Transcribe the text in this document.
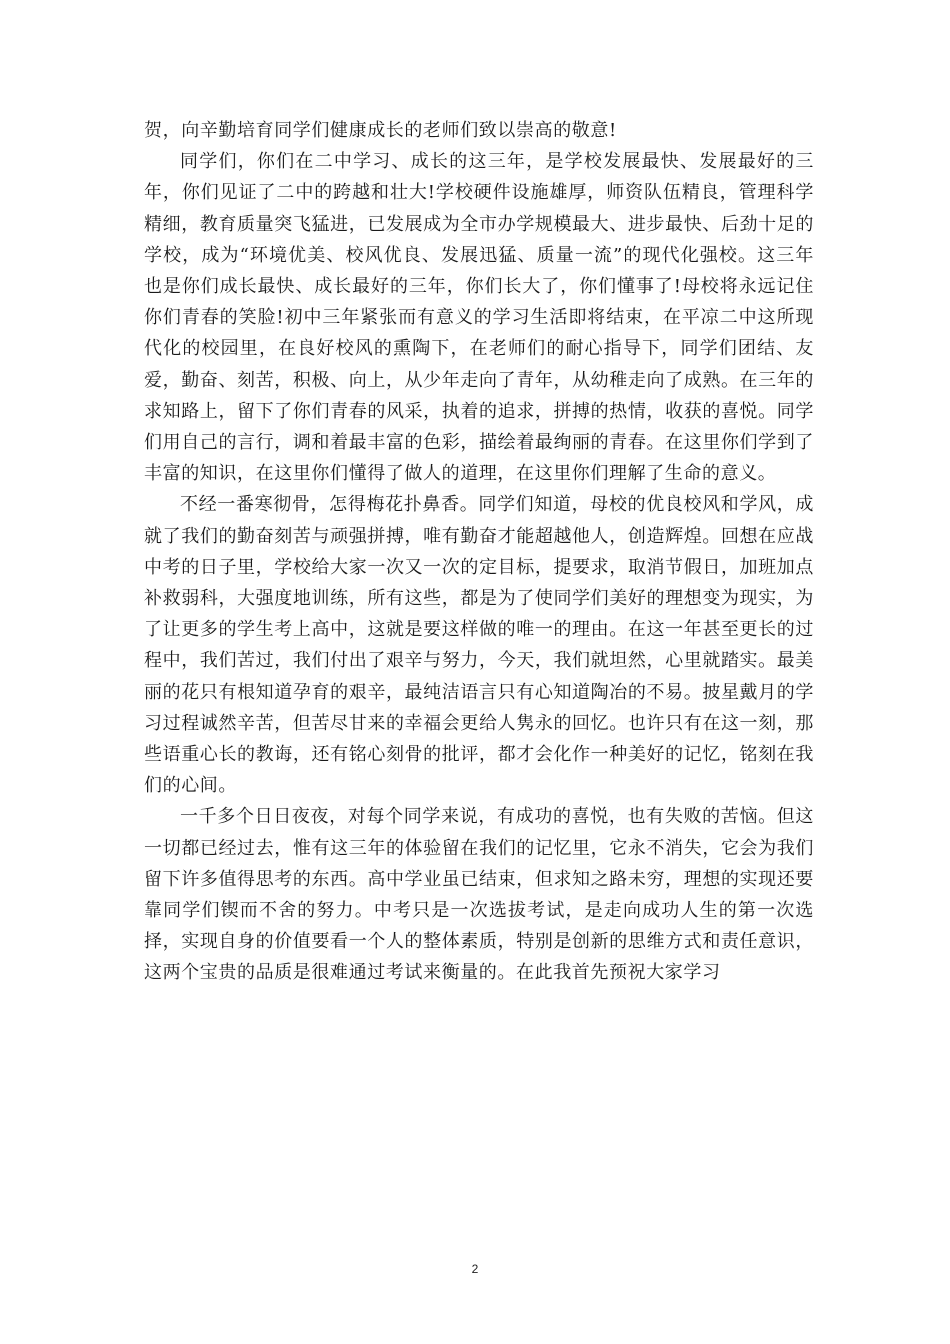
贺，向辛勤培育同学们健康成长的老师们致以崇高的敬意!

同学们，你们在二中学习、成长的这三年，是学校发展最快、发展最好的三年，你们见证了二中的跨越和壮大!学校硬件设施雄厚，师资队伍精良，管理科学精细，教育质量突飞猛进，已发展成为全市办学规模最大、进步最快、后劲十足的学校，成为“环境优美、校风优良、发展迅猛、质量一流”的现代化强校。这三年也是你们成长最快、成长最好的三年，你们长大了，你们懂事了!母校将永远记住你们青春的笑脸!初中三年紧张而有意义的学习生活即将结束，在平凉二中这所现代化的校园里，在良好校风的熏陶下，在老师们的耐心指导下，同学们团结、友爱，勤奋、刻苦，积极、向上，从少年走向了青年，从幼稚走向了成熟。在三年的求知路上，留下了你们青春的风采，执着的追求，拼搏的热情，收获的喜悦。同学们用自己的言行，调和着最丰富的色彩，描绘着最绚丽的青春。在这里你们学到了丰富的知识，在这里你们懂得了做人的道理，在这里你们理解了生命的意义。

不经一番寒彻骨，怎得梅花扑鼻香。同学们知道，母校的优良校风和学风，成就了我们的勤奋刻苦与顽强拼搏，唯有勤奋才能超越他人，创造辉煌。回想在应战中考的日子里，学校给大家一次又一次的定目标，提要求，取消节假日，加班加点补救弱科，大强度地训练，所有这些，都是为了使同学们美好的理想变为现实，为了让更多的学生考上高中，这就是要这样做的唯一的理由。在这一年甚至更长的过程中，我们苦过，我们付出了艰辛与努力，今天，我们就坦然，心里就踏实。最美丽的花只有根知道孕育的艰辛，最纯洁语言只有心知道陶冶的不易。披星戴月的学习过程诚然辛苦，但苦尽甘来的幸福会更给人隽永的回忆。也许只有在这一刻，那些语重心长的教诲，还有铭心刻骨的批评，都才会化作一种美好的记忆，铭刻在我们的心间。

一千多个日日夜夜，对每个同学来说，有成功的喜悦，也有失败的苦恼。但这一切都已经过去，惟有这三年的体验留在我们的记忆里，它永不消失，它会为我们留下许多值得思考的东西。高中学业虽已结束，但求知之路未穷，理想的实现还要靠同学们锲而不舍的努力。中考只是一次选拔考试，是走向成功人生的第一次选择，实现自身的价值要看一个人的整体素质，特别是创新的思维方式和责任意识，这两个宝贵的品质是很难通过考试来衡量的。在此我首先预祝大家学习

2
